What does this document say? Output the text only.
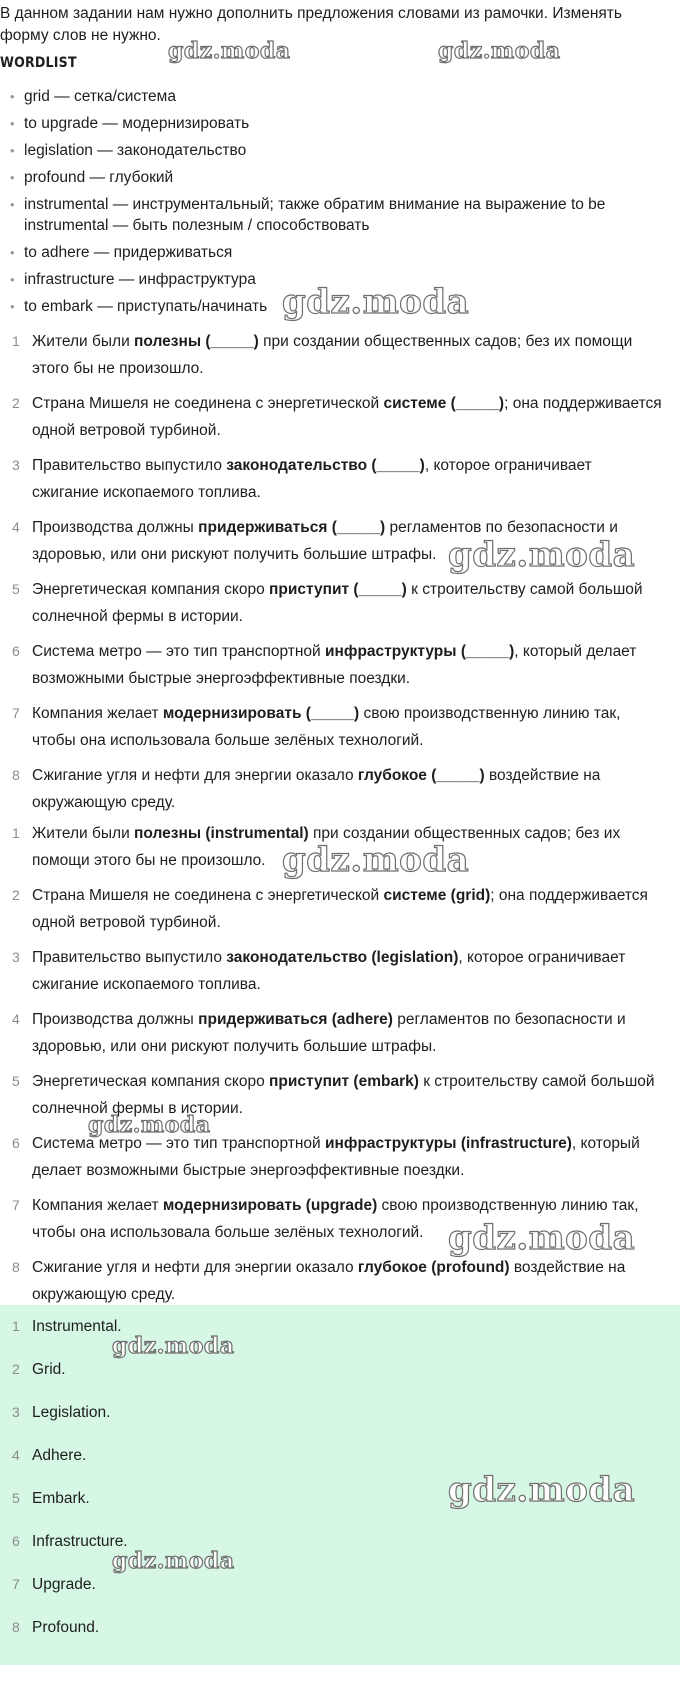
В данном задании нам нужно дополнить предложения словами из рамочки. Изменять форму слов не нужно.
WORDLIST
• grid — сетка/система
• to upgrade — модернизировать
• legislation — законодательство
• profound — глубокий
• instrumental — инструментальный; также обратим внимание на выражение to be instrumental — быть полезным / способствовать
• to adhere — придерживаться
• infrastructure — инфраструктура
• to embark — приступать/начинать
1 Жители были полезны (_____) при создании общественных садов; без их помощи этого бы не произошло.
2 Страна Мишеля не соединена с энергетической системе (_____); она поддерживается одной ветровой турбиной.
3 Правительство выпустило законодательство (_____), которое ограничивает сжигание ископаемого топлива.
4 Производства должны придерживаться (_____) регламентов по безопасности и здоровью, или они рискуют получить большие штрафы.
5 Энергетическая компания скоро приступит (_____) к строительству самой большой солнечной фермы в истории.
6 Система метро — это тип транспортной инфраструктуры (_____), который делает возможными быстрые энергоэффективные поездки.
7 Компания желает модернизировать (_____) свою производственную линию так, чтобы она использовала больше зелёных технологий.
8 Сжигание угля и нефти для энергии оказало глубокое (_____) воздействие на окружающую среду.
1 Жители были полезны (instrumental) при создании общественных садов; без их помощи этого бы не произошло.
2 Страна Мишеля не соединена с энергетической системе (grid); она поддерживается одной ветровой турбиной.
3 Правительство выпустило законодательство (legislation), которое ограничивает сжигание ископаемого топлива.
4 Производства должны придерживаться (adhere) регламентов по безопасности и здоровью, или они рискуют получить большие штрафы.
5 Энергетическая компания скоро приступит (embark) к строительству самой большой солнечной фермы в истории.
6 Система метро — это тип транспортной инфраструктуры (infrastructure), который делает возможными быстрые энергоэффективные поездки.
7 Компания желает модернизировать (upgrade) свою производственную линию так, чтобы она использовала больше зелёных технологий.
8 Сжигание угля и нефти для энергии оказало глубокое (profound) воздействие на окружающую среду.
1 Instrumental.
2 Grid.
3 Legislation.
4 Adhere.
5 Embark.
6 Infrastructure.
7 Upgrade.
8 Profound.
gdz.moda	gdz.moda
gdz.moda
gdz.moda
gdz.moda
gdz.moda
gdz.moda
gdz.moda
gdz.moda
gdz.moda
